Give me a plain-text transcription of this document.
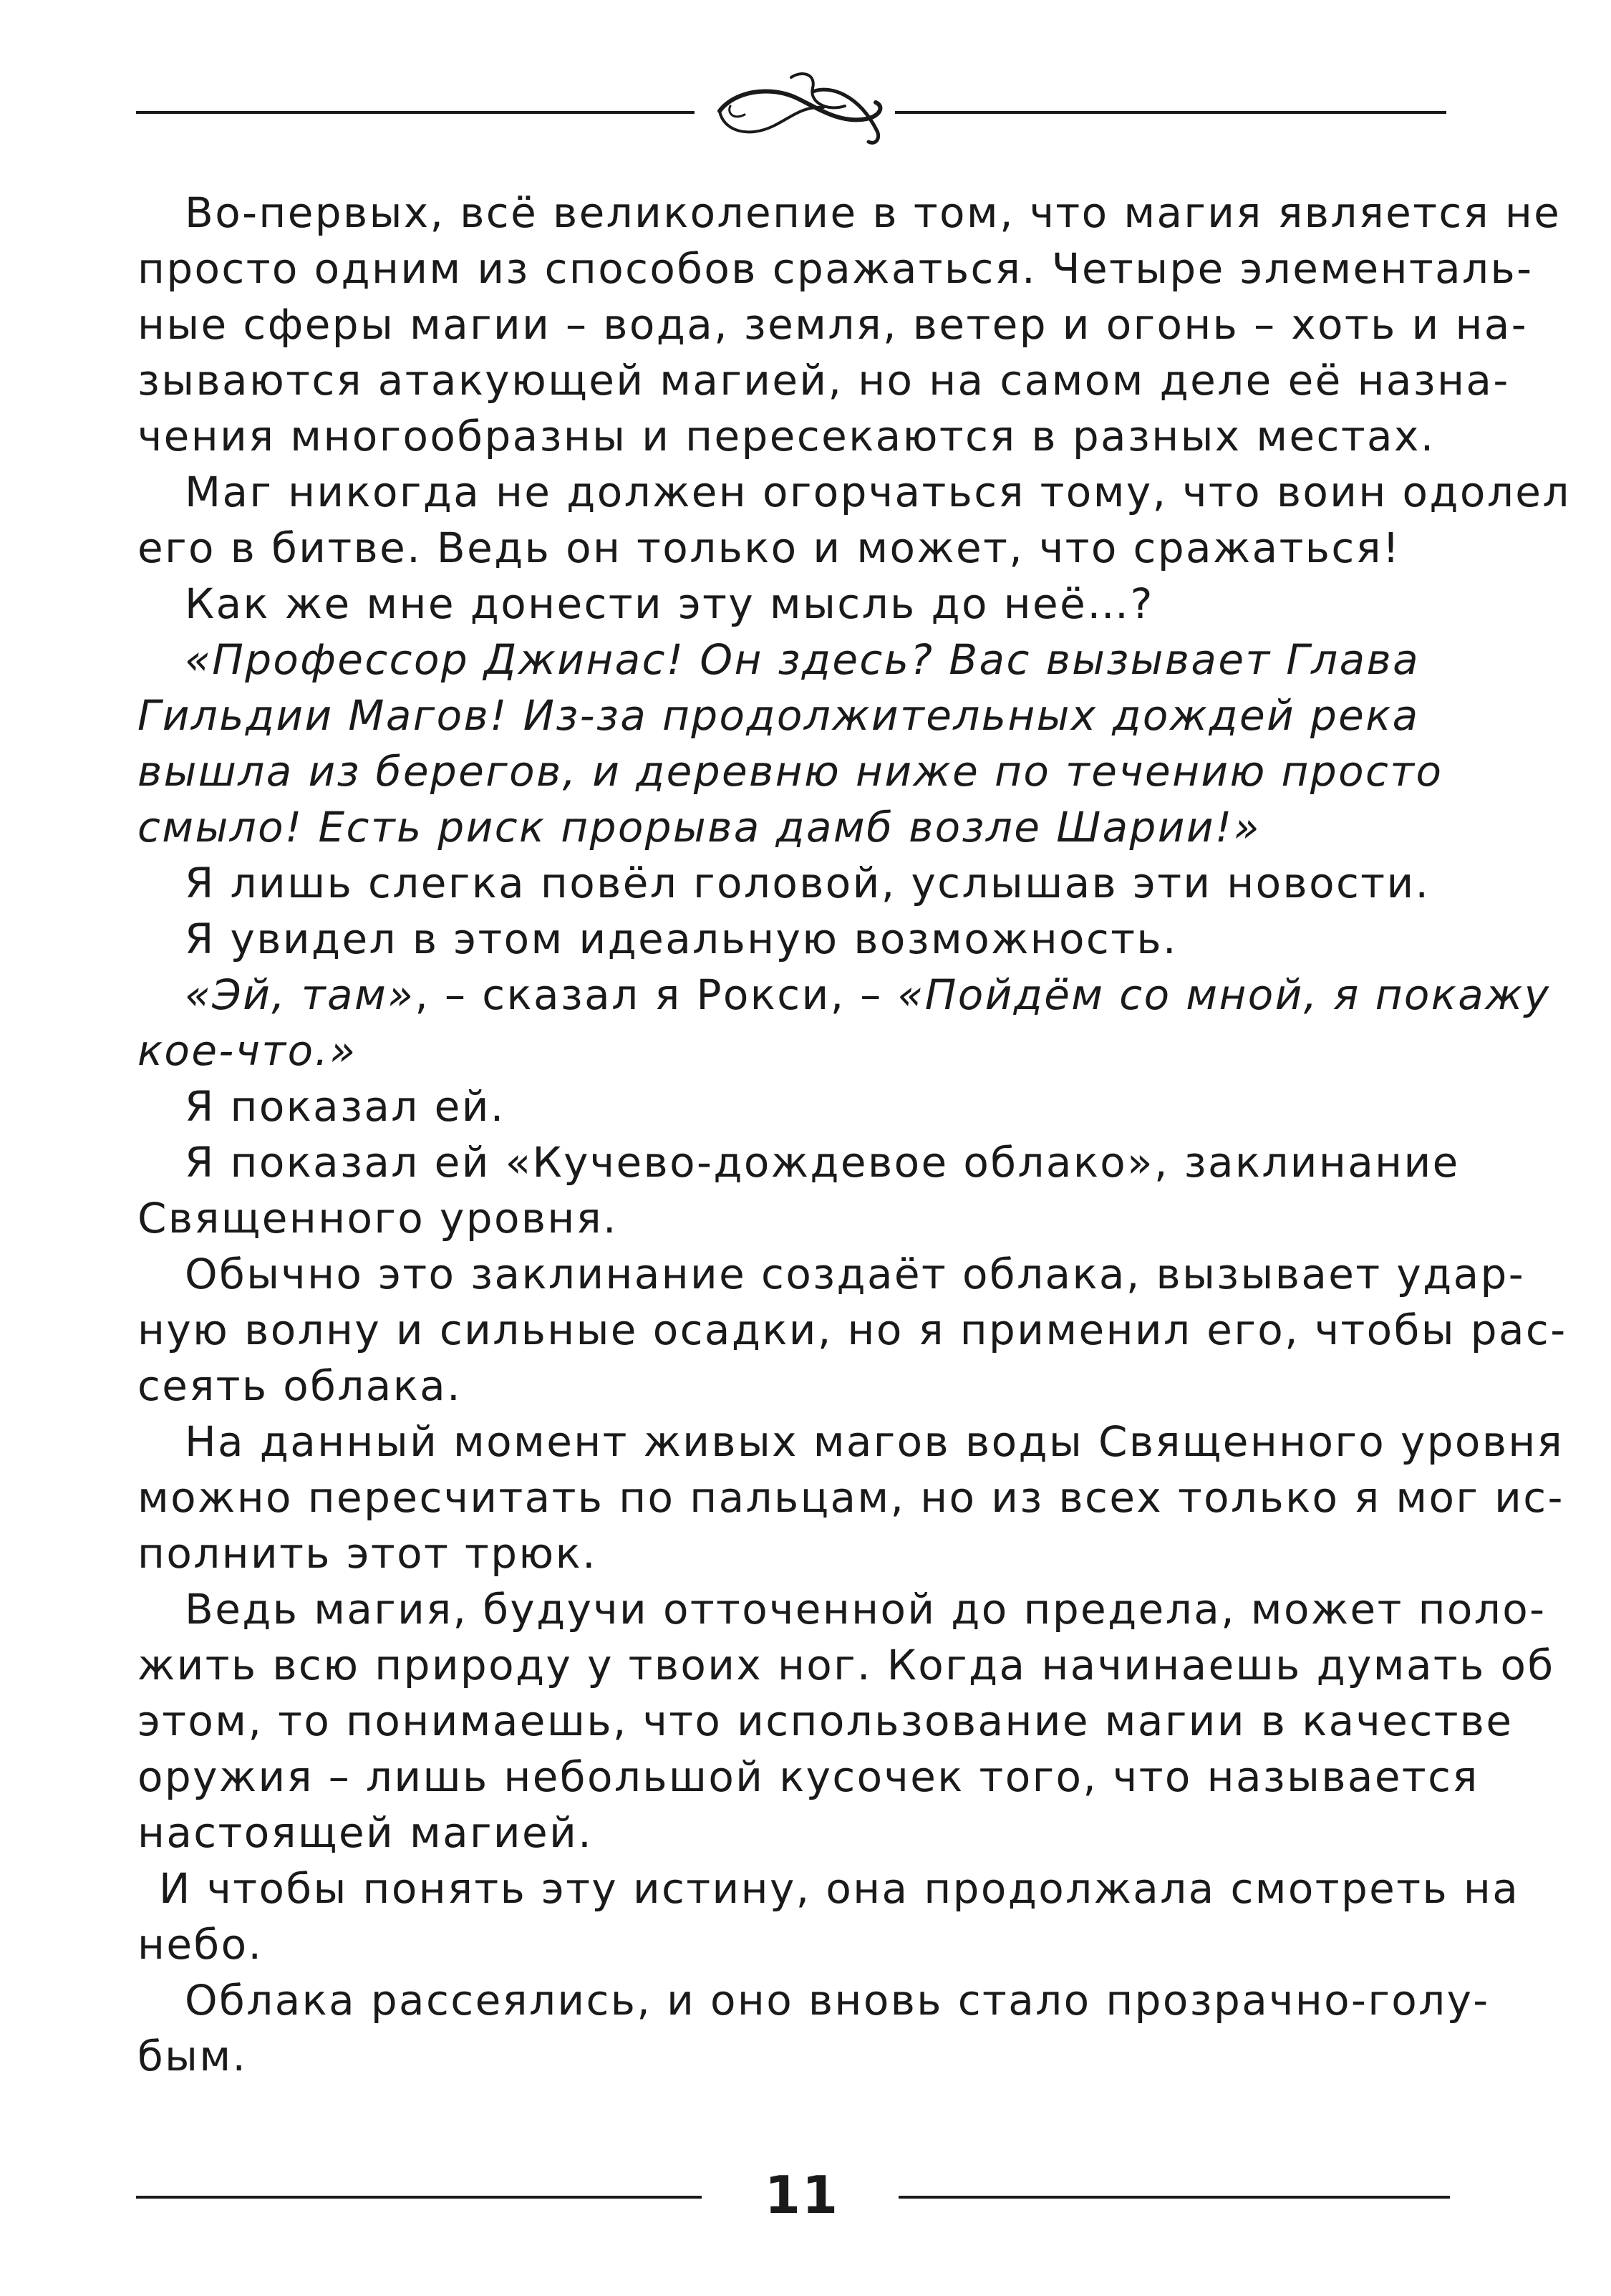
Во-первых, всё великолепие в том, что магия является не
просто одним из способов сражаться. Четыре элементаль-
ные сферы магии – вода, земля, ветер и огонь – хоть и на-
зываются атакующей магией, но на самом деле её назна-
чения многообразны и пересекаются в разных местах.
Маг никогда не должен огорчаться тому, что воин одолел
его в битве. Ведь он только и может, что сражаться!
Как же мне донести эту мысль до неё…?
«Профессор Джинас! Он здесь? Вас вызывает Глава
Гильдии Магов! Из-за продолжительных дождей река
вышла из берегов, и деревню ниже по течению просто
смыло! Есть риск прорыва дамб возле Шарии!»
Я лишь слегка повёл головой, услышав эти новости.
Я увидел в этом идеальную возможность.
«Эй, там», – сказал я Рокси, – «Пойдём со мной, я покажу
кое-что.»
Я показал ей.
Я показал ей «Кучево-дождевое облако», заклинание
Священного уровня.
Обычно это заклинание создаёт облака, вызывает удар-
ную волну и сильные осадки, но я применил его, чтобы рас-
сеять облака.
На данный момент живых магов воды Священного уровня
можно пересчитать по пальцам, но из всех только я мог ис-
полнить этот трюк.
Ведь магия, будучи отточенной до предела, может поло-
жить всю природу у твоих ног. Когда начинаешь думать об
этом, то понимаешь, что использование магии в качестве
оружия – лишь небольшой кусочек того, что называется
настоящей магией.
И чтобы понять эту истину, она продолжала смотреть на
небо.
Облака рассеялись, и оно вновь стало прозрачно-голу-
бым.
11
